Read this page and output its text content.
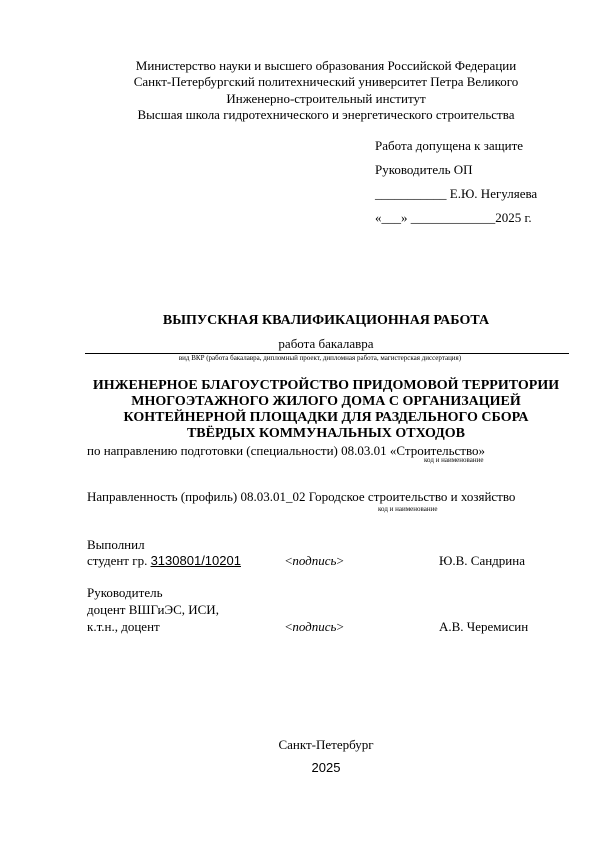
Министерство науки и высшего образования Российской Федерации
Санкт-Петербургский политехнический университет Петра Великого
Инженерно-строительный институт
Высшая школа гидротехнического и энергетического строительства
Работа допущена к защите
Руководитель ОП
___________ Е.Ю. Негуляева
«___» _____________2025 г.
ВЫПУСКНАЯ КВАЛИФИКАЦИОННАЯ РАБОТА
работа бакалавра
вид ВКР (работа бакалавра, дипломный проект, дипломная работа, магистерская диссертация)
ИНЖЕНЕРНОЕ БЛАГОУСТРОЙСТВО ПРИДОМОВОЙ ТЕРРИТОРИИ
МНОГОЭТАЖНОГО ЖИЛОГО ДОМА С ОРГАНИЗАЦИЕЙ
КОНТЕЙНЕРНОЙ ПЛОЩАДКИ ДЛЯ РАЗДЕЛЬНОГО СБОРА
ТВЁРДЫХ КОММУНАЛЬНЫХ ОТХОДОВ
по направлению подготовки (специальности) 08.03.01 «Строительство»
код и наименование
Направленность (профиль) 08.03.01_02 Городское строительство и хозяйство
код и наименование
Выполнил
студент гр. 3130801/10201	<подпись>	Ю.В. Сандрина
Руководитель
доцент ВШГиЭС, ИСИ,
к.т.н., доцент	<подпись>	А.В. Черемисин
Санкт-Петербург
2025
